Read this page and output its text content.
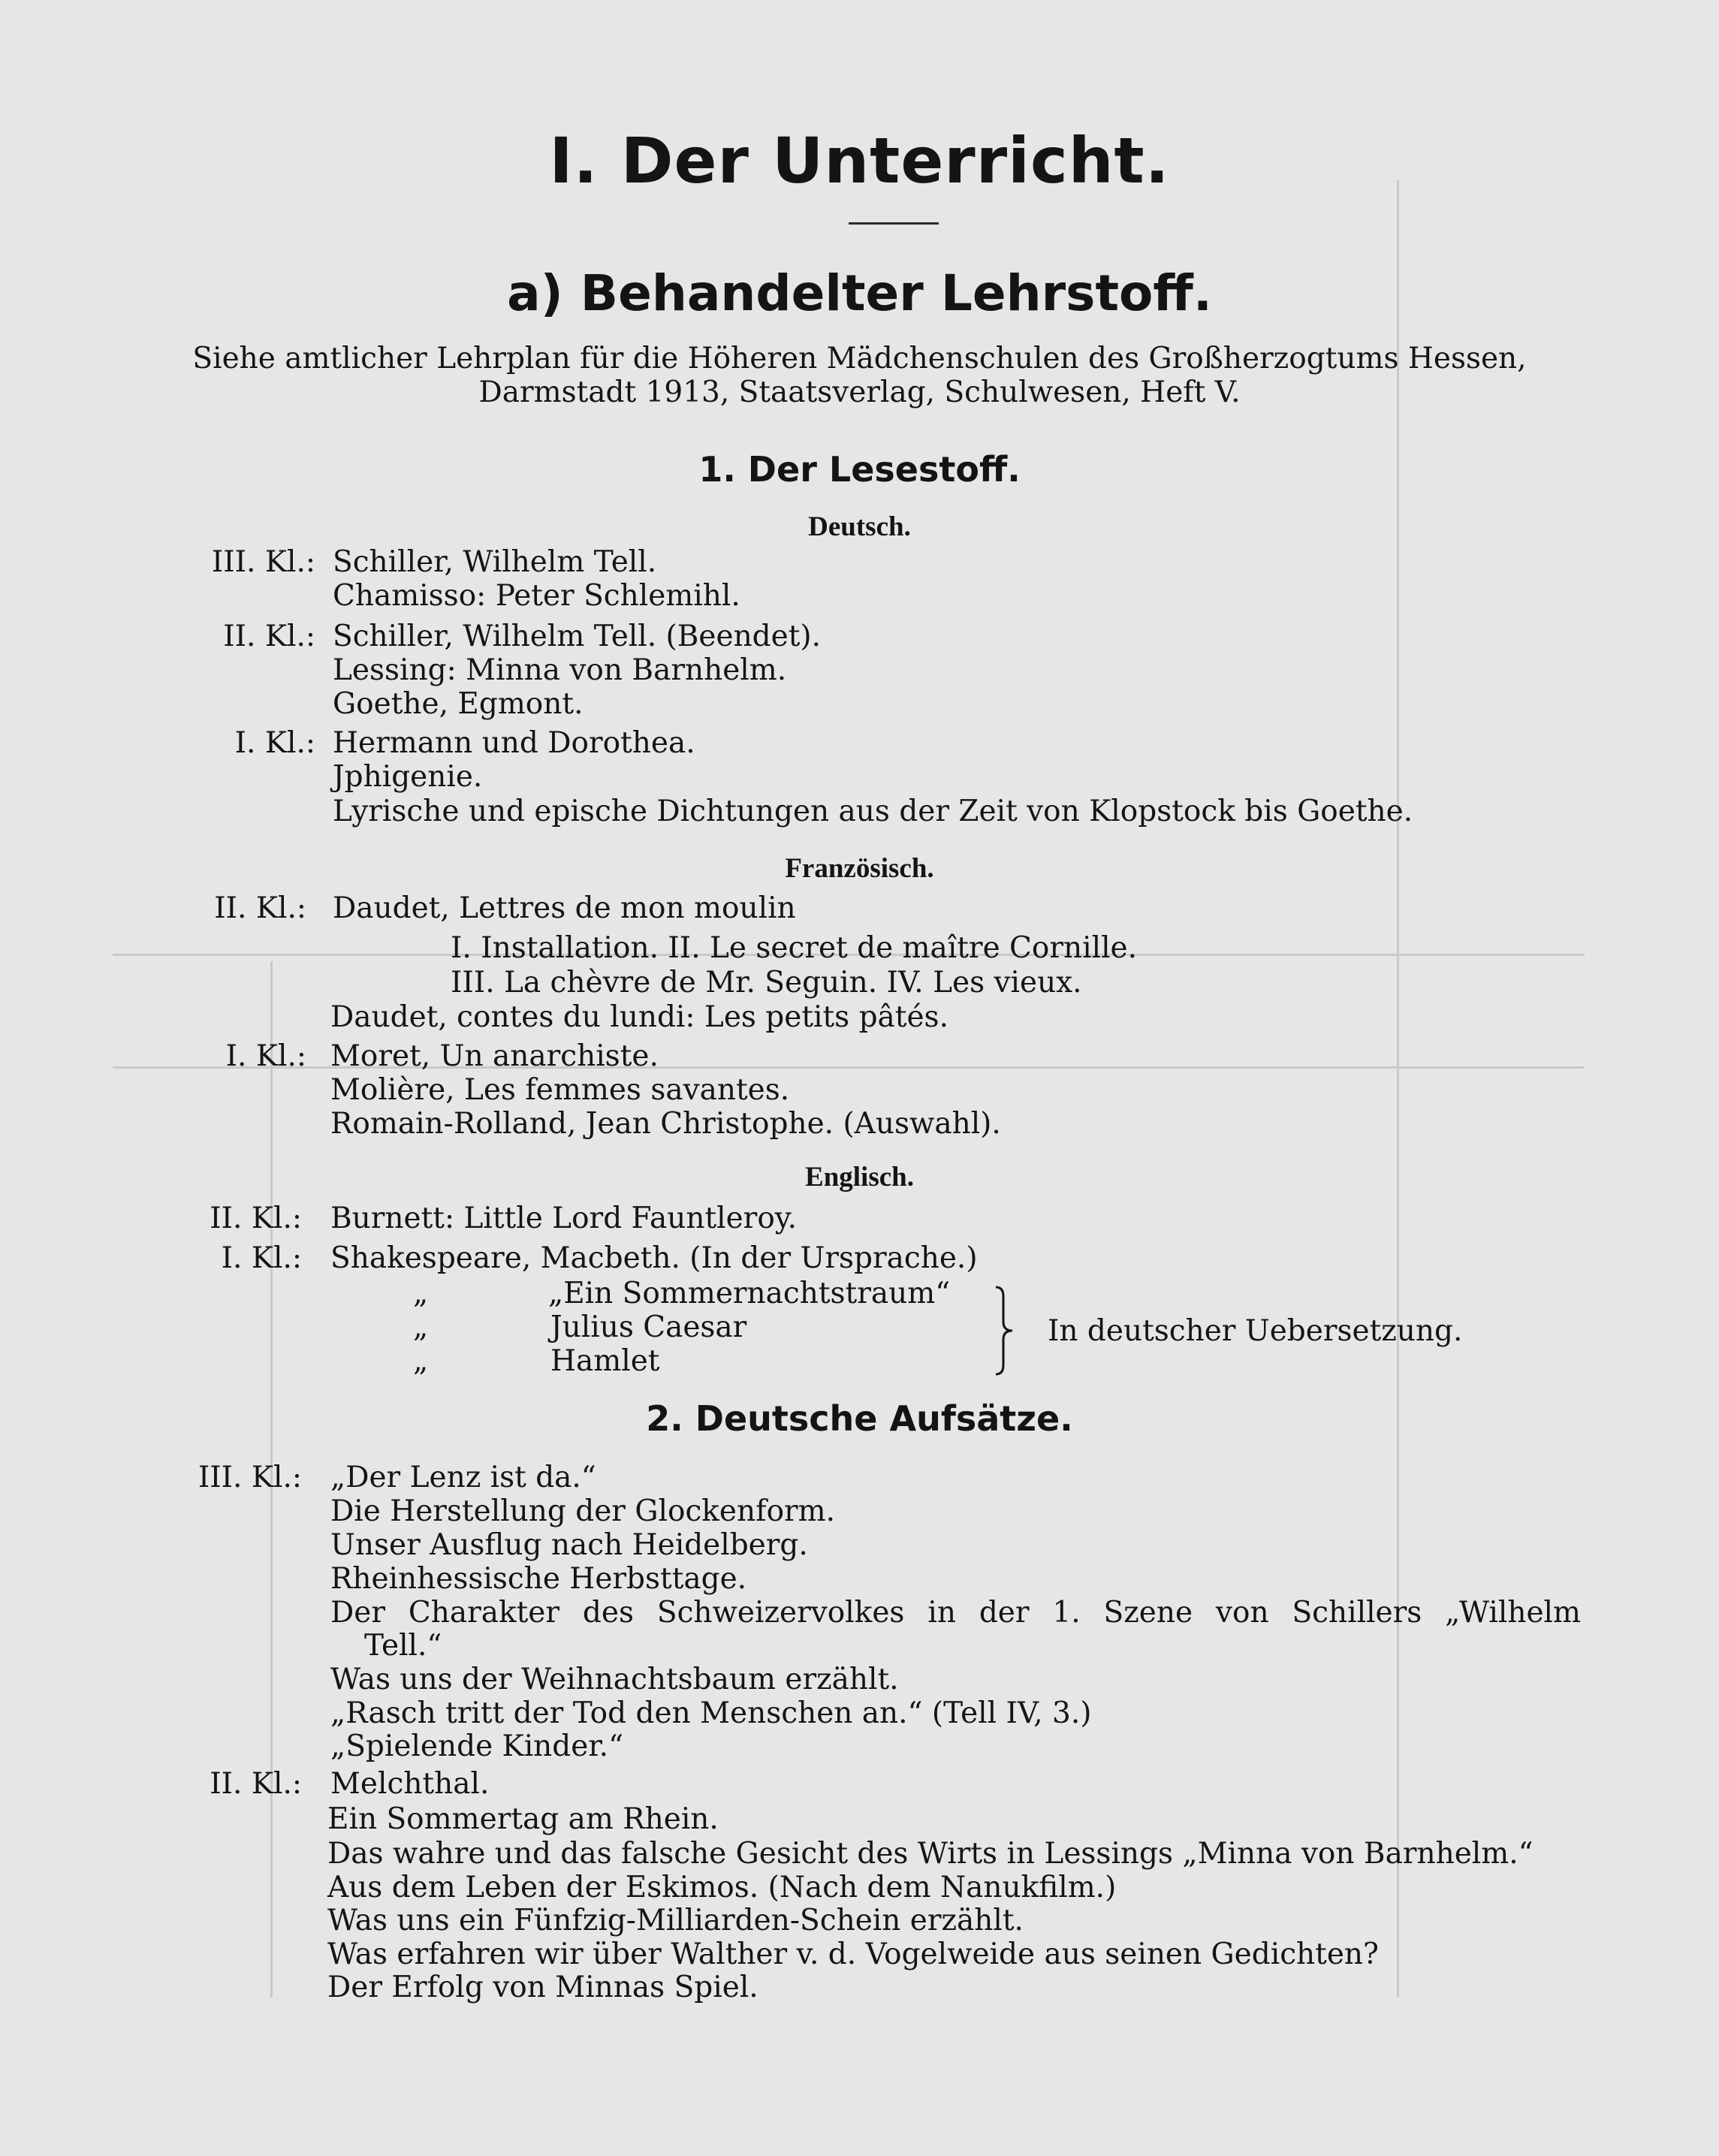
I. Der Unterricht.
a) Behandelter Lehrstoff.
Siehe amtlicher Lehrplan für die Höheren Mädchenschulen des Großherzogtums Hessen,
Darmstadt 1913, Staatsverlag, Schulwesen, Heft V.
1. Der Lesestoff.
Deutsch.
III. Kl.: Schiller, Wilhelm Tell.
Chamisso: Peter Schlemihl.
II. Kl.: Schiller, Wilhelm Tell. (Beendet).
Lessing: Minna von Barnhelm.
Goethe, Egmont.
I. Kl.: Hermann und Dorothea.
Jphigenie.
Lyrische und epische Dichtungen aus der Zeit von Klopstock bis Goethe.
Französisch.
II. Kl.: Daudet, Lettres de mon moulin
I. Installation. II. Le secret de maître Cornille.
III. La chèvre de Mr. Seguin. IV. Les vieux.
Daudet, contes du lundi: Les petits pâtés.
I. Kl.: Moret, Un anarchiste.
Molière, Les femmes savantes.
Romain-Rolland, Jean Christophe. (Auswahl).
Englisch.
II. Kl.: Burnett: Little Lord Fauntleroy.
I. Kl.: Shakespeare, Macbeth. (In der Ursprache.)
„
„
„
„Ein Sommernachtstraum“
Julius Caesar
Hamlet
In deutscher Uebersetzung.
2. Deutsche Aufsätze.
III. Kl.: „Der Lenz ist da.“
Die Herstellung der Glockenform.
Unser Ausflug nach Heidelberg.
Rheinhessische Herbsttage.
Der Charakter des Schweizervolkes in der 1. Szene von Schillers „Wilhelm
Tell.“
Was uns der Weihnachtsbaum erzählt.
„Rasch tritt der Tod den Menschen an.“ (Tell IV, 3.)
„Spielende Kinder.“
II. Kl.: Melchthal.
Ein Sommertag am Rhein.
Das wahre und das falsche Gesicht des Wirts in Lessings „Minna von Barnhelm.“
Aus dem Leben der Eskimos. (Nach dem Nanukfilm.)
Was uns ein Fünfzig-Milliarden-Schein erzählt.
Was erfahren wir über Walther v. d. Vogelweide aus seinen Gedichten?
Der Erfolg von Minnas Spiel.
